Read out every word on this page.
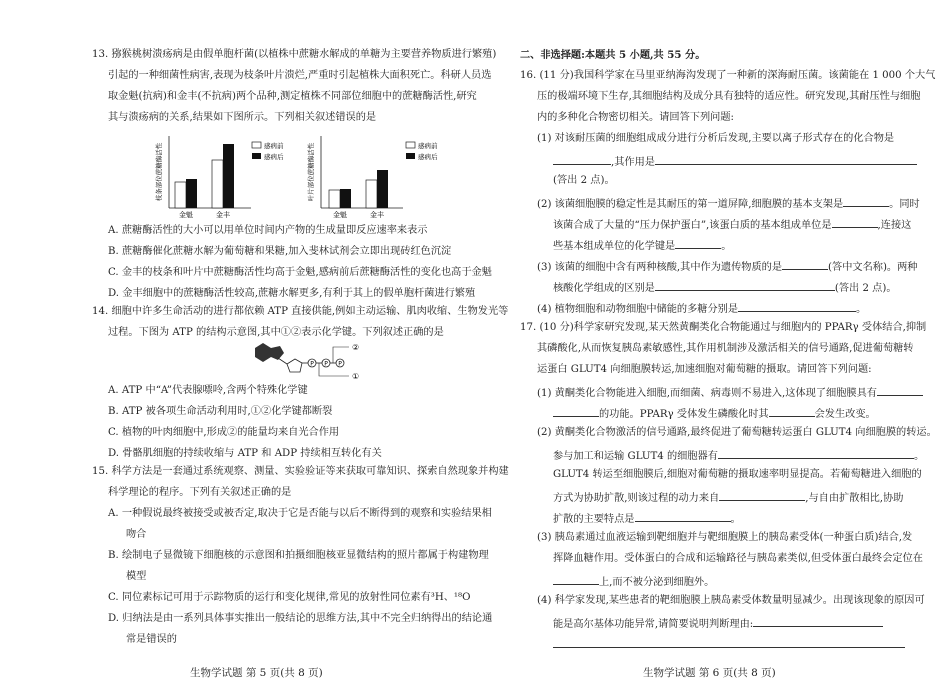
13. 猕猴桃树溃疡病是由假单胞杆菌(以植株中蔗糖水解成的单糖为主要营养物质进行繁殖)
引起的一种细菌性病害,表现为枝条叶片溃烂,严重时引起植株大面积死亡。科研人员选
取金魁(抗病)和金丰(不抗病)两个品种,测定植株不同部位细胞中的蔗糖酶活性,研究
其与溃疡病的关系,结果如下图所示。下列相关叙述错误的是
枝条部位蔗糖酶活性
金魁	金丰
感病前
感病后	叶片部位蔗糖酶活性
金魁	金丰
感病前
感病后
A. 蔗糖酶活性的大小可以用单位时间内产物的生成量即反应速率来表示
B. 蔗糖酶催化蔗糖水解为葡萄糖和果糖,加入斐林试剂会立即出现砖红色沉淀
C. 金丰的枝条和叶片中蔗糖酶活性均高于金魁,感病前后蔗糖酶活性的变化也高于金魁
D. 金丰细胞中的蔗糖酶活性较高,蔗糖水解更多,有利于其上的假单胞杆菌进行繁殖
14. 细胞中许多生命活动的进行都依赖 ATP 直接供能,例如主动运输、肌肉收缩、生物发光等
过程。下图为 ATP 的结构示意图,其中①②表示化学键。下列叙述正确的是
P P P
②
①
A. ATP 中“A”代表腺嘌呤,含两个特殊化学键
B. ATP 被各项生命活动利用时,①②化学键都断裂
C. 植物的叶肉细胞中,形成②的能量均来自光合作用
D. 骨骼肌细胞的持续收缩与 ATP 和 ADP 持续相互转化有关
15. 科学方法是一套通过系统观察、测量、实验验证等来获取可靠知识、探索自然现象并构建
科学理论的程序。下列有关叙述正确的是
A. 一种假说最终被接受或被否定,取决于它是否能与以后不断得到的观察和实验结果相
吻合
B. 绘制电子显微镜下细胞核的示意图和拍摄细胞核亚显微结构的照片都属于构建物理
模型
C. 同位素标记可用于示踪物质的运行和变化规律,常见的放射性同位素有³H、¹⁸O
D. 归纳法是由一系列具体事实推出一般结论的思维方法,其中不完全归纳得出的结论通
常是错误的
生物学试题 第 5 页(共 8 页)
二、非选择题:本题共 5 小题,共 55 分。
16. (11 分)我国科学家在马里亚纳海沟发现了一种新的深海耐压菌。该菌能在 1 000 个大气
压的极端环境下生存,其细胞结构及成分具有独特的适应性。研究发现,其耐压性与细胞
内的多种化合物密切相关。请回答下列问题:
(1) 对该耐压菌的细胞组成成分进行分析后发现,主要以离子形式存在的化合物是
,其作用是
(答出 2 点)。
(2) 该菌细胞膜的稳定性是其耐压的第一道屏障,细胞膜的基本支架是	。同时
该菌合成了大量的“压力保护蛋白”,该蛋白质的基本组成单位是	,连接这
些基本组成单位的化学键是	。
(3) 该菌的细胞中含有两种核酸,其中作为遗传物质的是	(答中文名称)。两种
核酸化学组成的区别是	(答出 2 点)。
(4) 植物细胞和动物细胞中储能的多糖分别是	。
17. (10 分)科学家研究发现,某天然黄酮类化合物能通过与细胞内的 PPARγ 受体结合,抑制
其磷酸化,从而恢复胰岛素敏感性,其作用机制涉及激活相关的信号通路,促进葡萄糖转
运蛋白 GLUT4 向细胞膜转运,加速细胞对葡萄糖的摄取。请回答下列问题:
(1) 黄酮类化合物能进入细胞,而细菌、病毒则不易进入,这体现了细胞膜具有
的功能。PPARγ 受体发生磷酸化时其	会发生改变。
(2) 黄酮类化合物激活的信号通路,最终促进了葡萄糖转运蛋白 GLUT4 向细胞膜的转运。
参与加工和运输 GLUT4 的细胞器有	。
GLUT4 转运至细胞膜后,细胞对葡萄糖的摄取速率明显提高。若葡萄糖进入细胞的
方式为协助扩散,则该过程的动力来自	,与自由扩散相比,协助
扩散的主要特点是	。
(3) 胰岛素通过血液运输到靶细胞并与靶细胞膜上的胰岛素受体(一种蛋白质)结合,发
挥降血糖作用。受体蛋白的合成和运输路径与胰岛素类似,但受体蛋白最终会定位在
上,而不被分泌到细胞外。
(4) 科学家发现,某些患者的靶细胞膜上胰岛素受体数量明显减少。出现该现象的原因可
能是高尔基体功能异常,请简要说明判断理由:
生物学试题 第 6 页(共 8 页)
